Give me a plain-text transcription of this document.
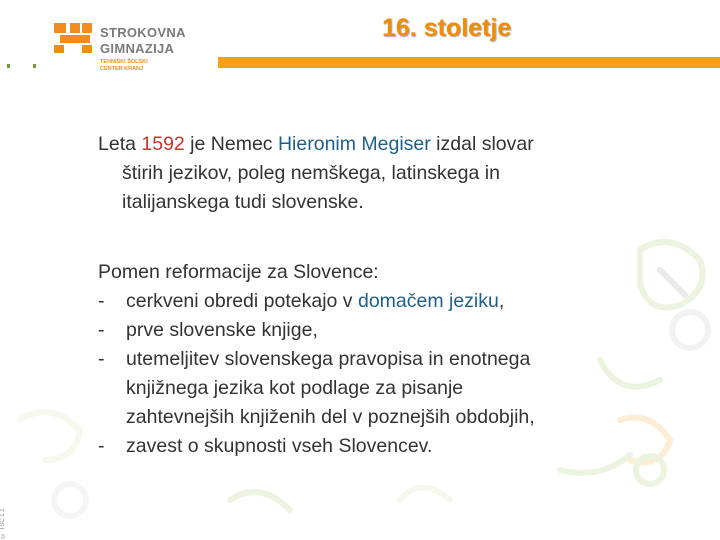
STROKOVNA
GIMNAZIJA
TEHNIŠKI ŠOLSKI
CENTER KRANJ
16. stoletje
Leta 1592 je Nemec Hieronim Megiser izdal slovar
štirih jezikov, poleg nemškega, latinskega in
italijanskega tudi slovenske.
Pomen reformacije za Slovence:
-	cerkveni obredi potekajo v domačem jeziku,
-	prve slovenske knjige,
-	utemeljitev slovenskega pravopisa in enotnega
knjižnega jezika kot podlage za pisanje
zahtevnejših knjiženih del v poznejših obdobjih,
-	zavest o skupnosti vseh Slovencev.
© TŠC 1 1
